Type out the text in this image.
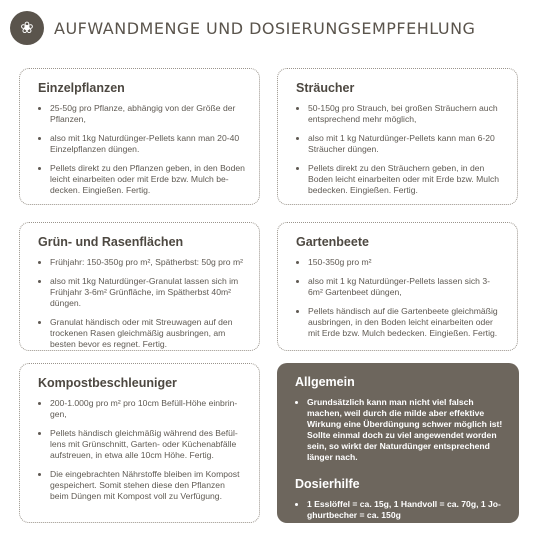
❀	AUFWANDMENGE UND DOSIERUNGSEMPFEHLUNG
Einzelpflanzen
• 25-50g pro Pflanze, abhängig von der Größe der Pflanzen,
• also mit 1kg Naturdünger-Pellets kann man 20-40 Einzelpflanzen düngen.
• Pellets direkt zu den Pflanzen geben, in den Boden leicht einarbeiten oder mit Erde bzw. Mulch be-decken. Eingießen. Fertig.
Sträucher
• 50-150g pro Strauch, bei großen Sträuchern auch entsprechend mehr möglich,
• also mit 1 kg Naturdünger-Pellets kann man 6-20 Sträucher düngen.
• Pellets direkt zu den Sträuchern geben, in den Boden leicht einarbeiten oder mit Erde bzw. Mulch bedecken. Eingießen. Fertig.
Grün- und Rasenflächen
• Frühjahr: 150-350g pro m², Spätherbst: 50g pro m²
• also mit 1kg Naturdünger-Granulat lassen sich im Frühjahr 3-6m² Grünfläche, im Spätherbst 40m² düngen.
• Granulat händisch oder mit Streuwagen auf den trockenen Rasen gleichmäßig ausbringen, am besten bevor es regnet. Fertig.
Gartenbeete
• 150-350g pro m²
• also mit 1 kg Naturdünger-Pellets lassen sich 3-6m² Gartenbeet düngen,
• Pellets händisch auf die Gartenbeete gleichmäßig ausbringen, in den Boden leicht einarbeiten oder mit Erde bzw. Mulch bedecken. Eingießen. Fertig.
Kompostbeschleuniger
• 200-1.000g pro m² pro 10cm Befüll-Höhe einbrin-gen,
• Pellets händisch gleichmäßig während des Befül-lens mit Grünschnitt, Garten- oder Küchenabfälle aufstreuen, in etwa alle 10cm Höhe. Fertig.
• Die eingebrachten Nährstoffe bleiben im Kompost gespeichert. Somit stehen diese den Pflanzen beim Düngen mit Kompost voll zu Verfügung.
Allgemein
• Grundsätzlich kann man nicht viel falsch machen, weil durch die milde aber effektive Wirkung eine Überdüngung schwer möglich ist! Sollte einmal doch zu viel angewendet worden sein, so wirkt der Naturdünger entsprechend länger nach.
Dosierhilfe
• 1 Esslöffel = ca. 15g, 1 Handvoll = ca. 70g, 1 Jo-ghurtbecher = ca. 150g
